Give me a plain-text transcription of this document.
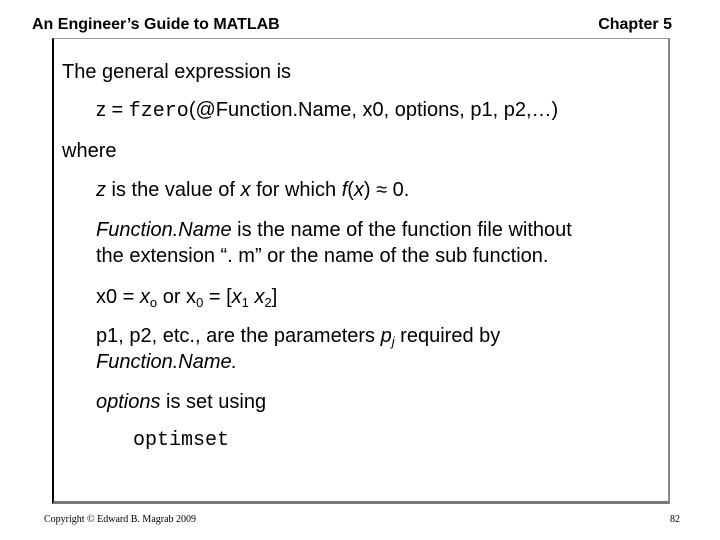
An Engineer’s Guide to MATLAB	Chapter 5
The general expression is
z = fzero(@Function.Name, x0, options, p1, p2,…)
where
z is the value of x for which f(x) ≈ 0.
Function.Name is the name of the function file without
the extension “. m” or the name of the sub function.
$x0 = x_o$ or $x_0 = [x_1$ $x_2$]
p1, p2, etc., are the parameters $p_j$ required by
Function.Name.
options is set using
optimset
Copyright © Edward B. Magrab 2009	82
